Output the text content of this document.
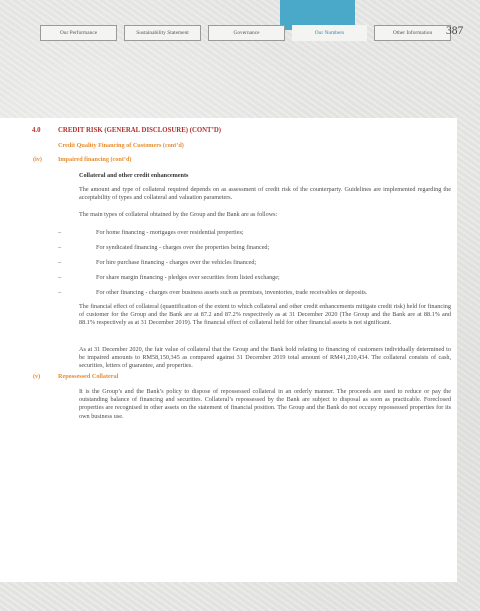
Our Performance	Sustainability Statement	Governance	Our Numbers	Other Information	387
4.0	CREDIT RISK (GENERAL DISCLOSURE) (CONT’D)
Credit Quality Financing of Customers (cont’d)
(iv)	Impaired financing (cont’d)
Collateral and other credit enhancements
The amount and type of collateral required depends on as assessment of credit risk of the counterparty. Guidelines are implemented regarding the acceptability of types and collateral and valuation parameters.
The main types of collateral obtained by the Group and the Bank are as follows:
–	For home financing - mortgages over residential properties;
–	For syndicated financing - charges over the properties being financed;
–	For hire purchase financing - charges over the vehicles financed;
–	For share margin financing - pledges over securities from listed exchange;
–	For other financing - charges over business assets such as premises, inventories, trade receivables or deposits.
The financial effect of collateral (quantification of the extent to which collateral and other credit enhancements mitigate credit risk) held for financing of customer for the Group and the Bank are at 87.2 and 87.2% respectively as at 31 December 2020 (The Group and the Bank are at 88.1% and 88.1% respectively as at 31 December 2019). The financial effect of collateral held for other financial assets is not significant.
As at 31 December 2020, the fair value of collateral that the Group and the Bank hold relating to financing of customers individually determined to be impaired amounts to RM58,150,345 as compared against 31 December 2019 total amount of RM41,210,434. The collateral consists of cash, securities, letters of guarantee, and properties.
(v)	Repossessed Collateral
It is the Group’s and the Bank’s policy to dispose of repossessed collateral in an orderly manner. The proceeds are used to reduce or pay the outstanding balance of financing and securities. Collateral’s repossessed by the Bank are subject to disposal as soon as practicable. Foreclosed properties are recognised in other assets on the statement of financial position. The Group and the Bank do not occupy repossessed properties for its own business use.
